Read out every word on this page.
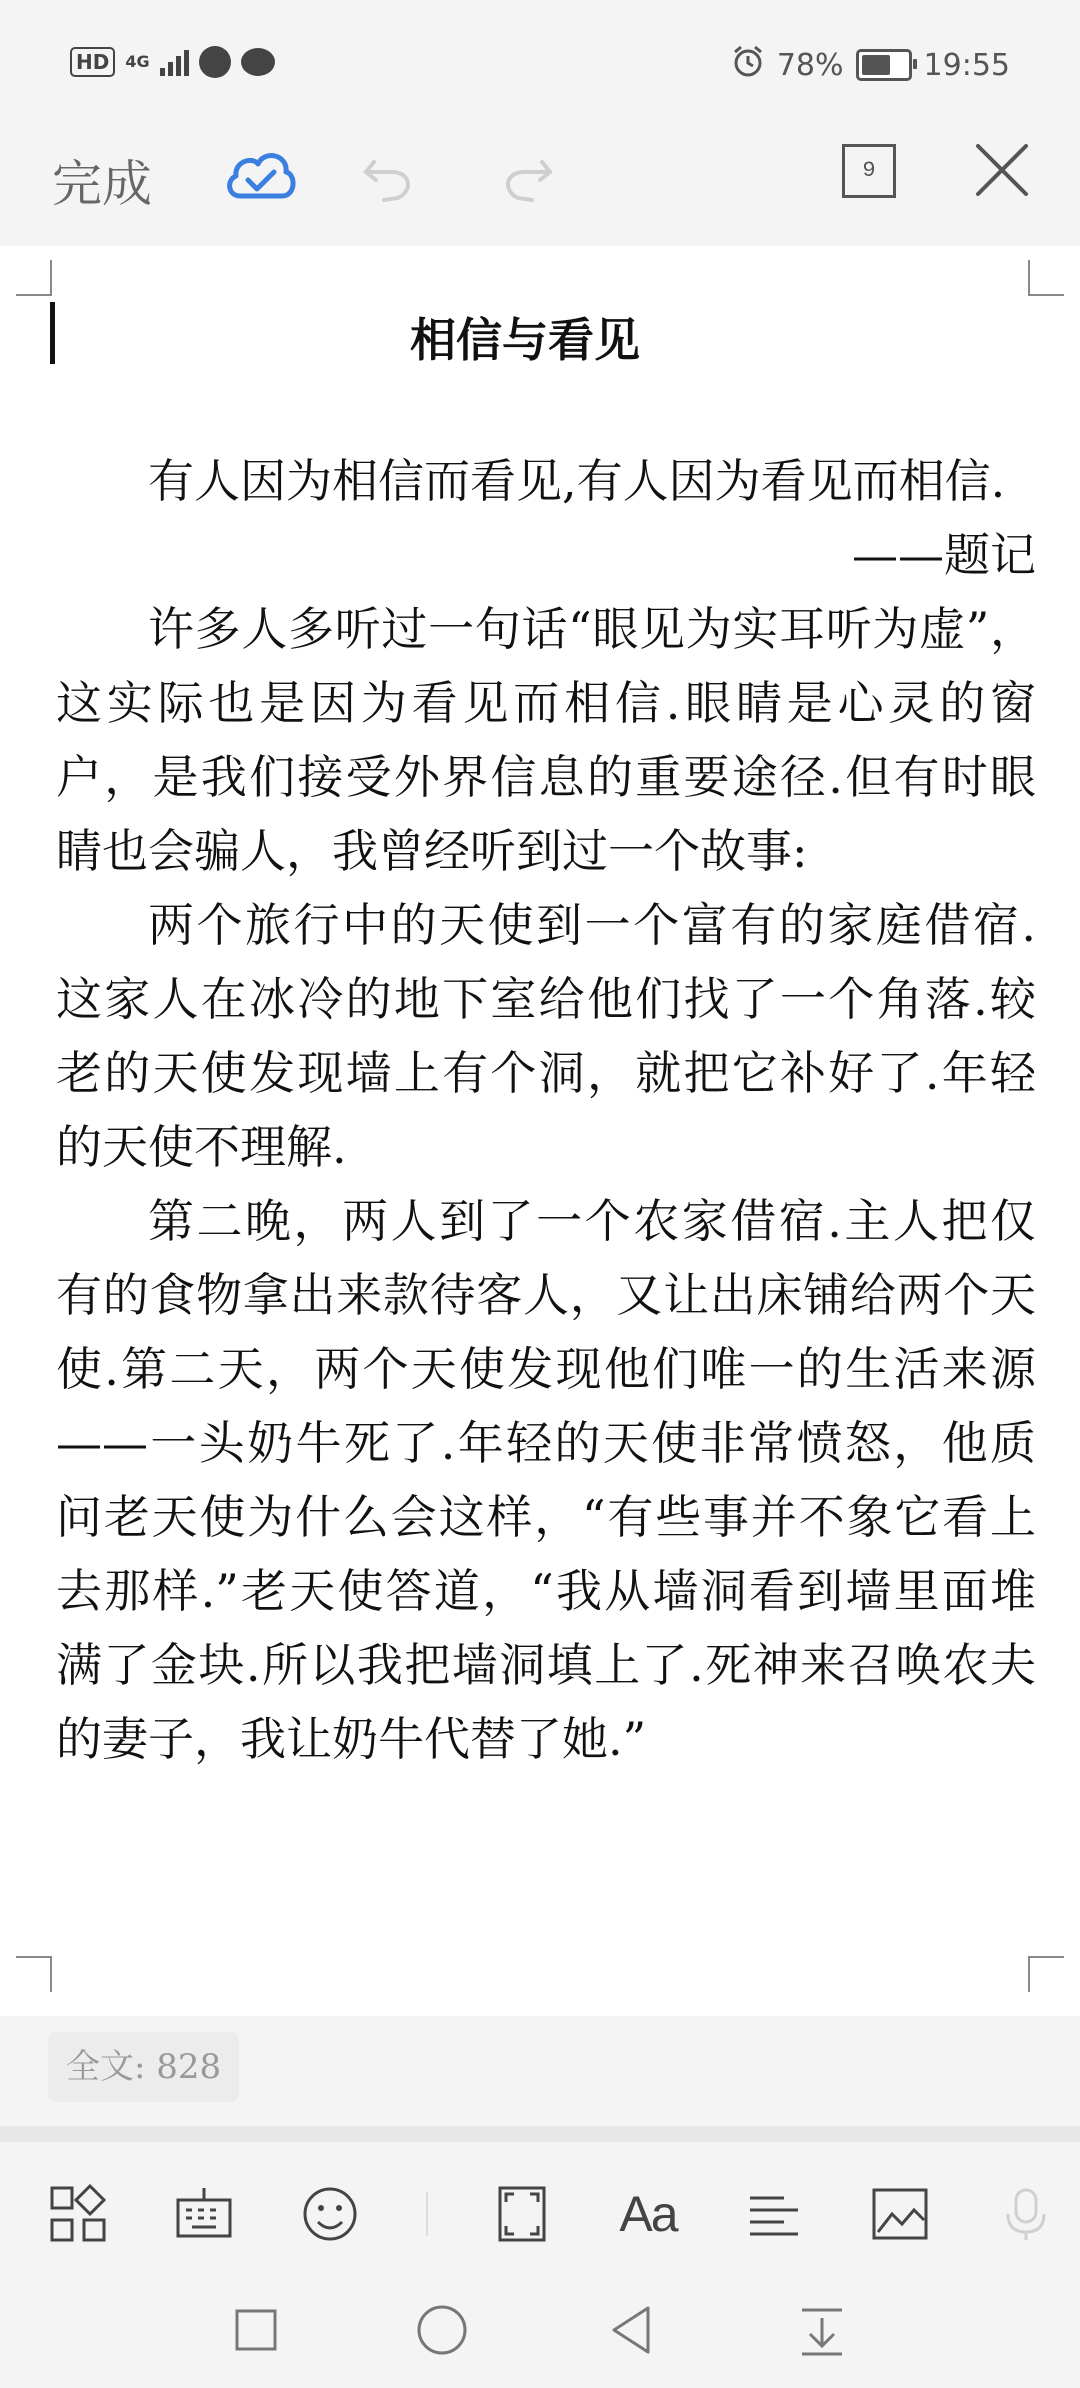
HD	4G	78%	19:55
完成	9
相信与看见

有人因为相信而看见,有人因为看见而相信.

——题记

许多人多听过一句话“眼见为实耳听为虚”，这实际也是因为看见而相信.眼睛是心灵的窗户，是我们接受外界信息的重要途径.但有时眼睛也会骗人，我曾经听到过一个故事:

两个旅行中的天使到一个富有的家庭借宿.这家人在冰冷的地下室给他们找了一个角落.较老的天使发现墙上有个洞，就把它补好了.年轻的天使不理解.

第二晚，两人到了一个农家借宿.主人把仅有的食物拿出来款待客人，又让出床铺给两个天使.第二天，两个天使发现他们唯一的生活来源——一头奶牛死了.年轻的天使非常愤怒，他质问老天使为什么会这样，“有些事并不象它看上去那样.”老天使答道，“我从墙洞看到墙里面堆满了金块.所以我把墙洞填上了.死神来召唤农夫的妻子，我让奶牛代替了她.”

全文: 828
Aa
